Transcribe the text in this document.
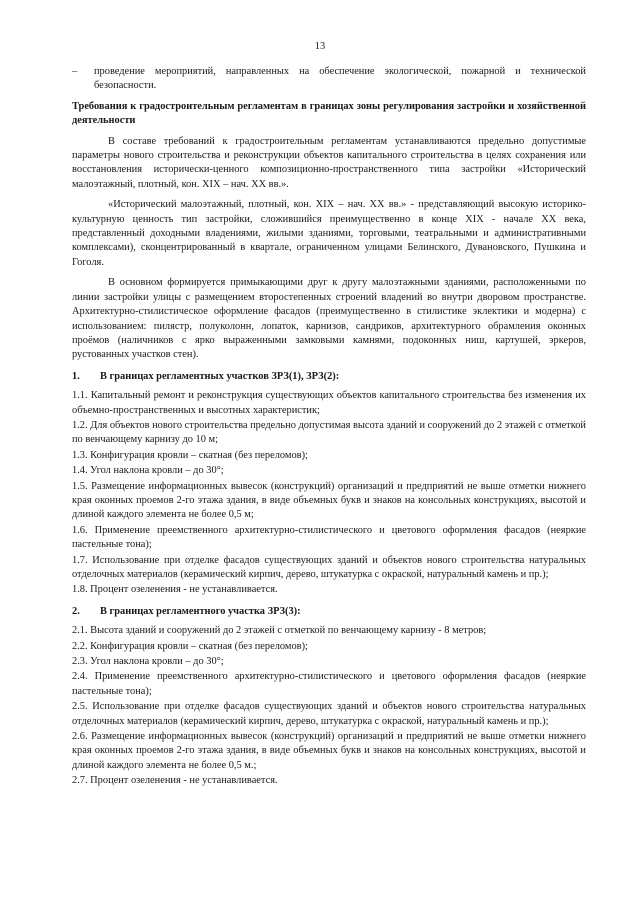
13
–	проведение мероприятий, направленных на обеспечение экологической, пожарной и технической безопасности.

Требования к градостроительным регламентам в границах зоны регулирования застройки и хозяйственной деятельности

В составе требований к градостроительным регламентам устанавливаются предельно допустимые параметры нового строительства и реконструкции объектов капитального строительства в целях сохранения или восстановления исторически-ценного композиционно-пространственного типа застройки «Исторический малоэтажный, плотный, кон. XIX – нач. XX вв.».

«Исторический малоэтажный, плотный, кон. XIX – нач. XX вв.» - представляющий высокую историко-культурную ценность тип застройки, сложившийся преимущественно в конце XIX - начале XX века, представленный доходными владениями, жилыми зданиями, торговыми, театральными и административными комплексами), сконцентрированный в квартале, ограниченном улицами Белинского, Дувановского, Пушкина и Гоголя.

В основном формируется примыкающими друг к другу малоэтажными зданиями, расположенными по линии застройки улицы с размещением второстепенных строений владений во внутри дворовом пространстве. Архитектурно-стилистическое оформление фасадов (преимущественно в стилистике эклектики и модерна) с использованием: пилястр, полуколонн, лопаток, карнизов, сандриков, архитектурного обрамления оконных проёмов (наличников с ярко выраженными замковыми камнями, подоконных ниш, картушей, эркеров, рустованных участков стен).

1.	В границах регламентных участков ЗРЗ(1), ЗРЗ(2):

1.1. Капитальный ремонт и реконструкция существующих объектов капитального строительства без изменения их объемно-пространственных и высотных характеристик;

1.2. Для объектов нового строительства предельно допустимая высота зданий и сооружений до 2 этажей с отметкой по венчающему карнизу до 10 м;

1.3. Конфигурация кровли – скатная (без переломов);

1.4. Угол наклона кровли – до 30°;

1.5. Размещение информационных вывесок (конструкций) организаций и предприятий не выше отметки нижнего края оконных проемов 2-го этажа здания, в виде объемных букв и знаков на консольных конструкциях, высотой и длиной каждого элемента не более 0,5 м;

1.6. Применение преемственного архитектурно-стилистического и цветового оформления фасадов (неяркие пастельные тона);

1.7. Использование при отделке фасадов существующих зданий и объектов нового строительства натуральных отделочных материалов (керамический кирпич, дерево, штукатурка с окраской, натуральный камень и пр.);

1.8. Процент озеленения - не устанавливается.

2.	В границах регламентного участка ЗРЗ(3):

2.1. Высота зданий и сооружений до 2 этажей с отметкой по венчающему карнизу - 8 метров;

2.2. Конфигурация кровли – скатная (без переломов);

2.3. Угол наклона кровли – до 30°;

2.4. Применение преемственного архитектурно-стилистического и цветового оформления фасадов (неяркие пастельные тона);

2.5. Использование при отделке фасадов существующих зданий и объектов нового строительства натуральных отделочных материалов (керамический кирпич, дерево, штукатурка с окраской, натуральный камень и пр.);

2.6. Размещение информационных вывесок (конструкций) организаций и предприятий не выше отметки нижнего края оконных проемов 2-го этажа здания, в виде объемных букв и знаков на консольных конструкциях, высотой и длиной каждого элемента не более 0,5 м.;

2.7. Процент озеленения - не устанавливается.
